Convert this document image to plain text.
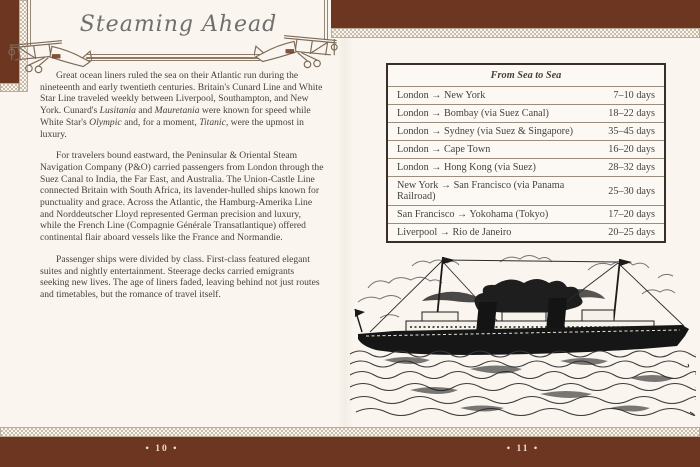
Steaming Ahead

Great ocean liners ruled the sea on their Atlantic run during the nineteenth and early twentieth centuries. Britain's Cunard Line and White Star Line traveled weekly between Liverpool, Southampton, and New York. Cunard's Lusitania and Mauretania were known for speed while White Star's Olympic and, for a moment, Titanic, were the upmost in luxury.

For travelers bound eastward, the Peninsular & Oriental Steam Navigation Company (P&O) carried passengers from London through the Suez Canal to India, the Far East, and Australia. The Union-Castle Line connected Britain with South Africa, its lavender-hulled ships known for punctuality and grace. Across the Atlantic, the Hamburg-Amerika Line and Norddeutscher Lloyd represented German precision and luxury, while the French Line (Compagnie Générale Transatlantique) offered continental flair aboard vessels like the France and Normandie.

Passenger ships were divided by class. First-class featured elegant suites and nightly entertainment. Steerage decks carried emigrants seeking new lives. The age of liners faded, leaving behind not just routes and timetables, but the romance of travel itself.

From Sea to Sea	
London → New York	7–10 days
London → Bombay (via Suez Canal)	18–22 days
London → Sydney (via Suez & Singapore)	35–45 days
London → Cape Town	16–20 days
London → Hong Kong (via Suez)	28–32 days
New York → San Francisco (via Panama Railroad)	25–30 days
San Francisco → Yokohama (Tokyo)	17–20 days
Liverpool → Rio de Janeiro	20–25 days
• 10 •	• 11 •
